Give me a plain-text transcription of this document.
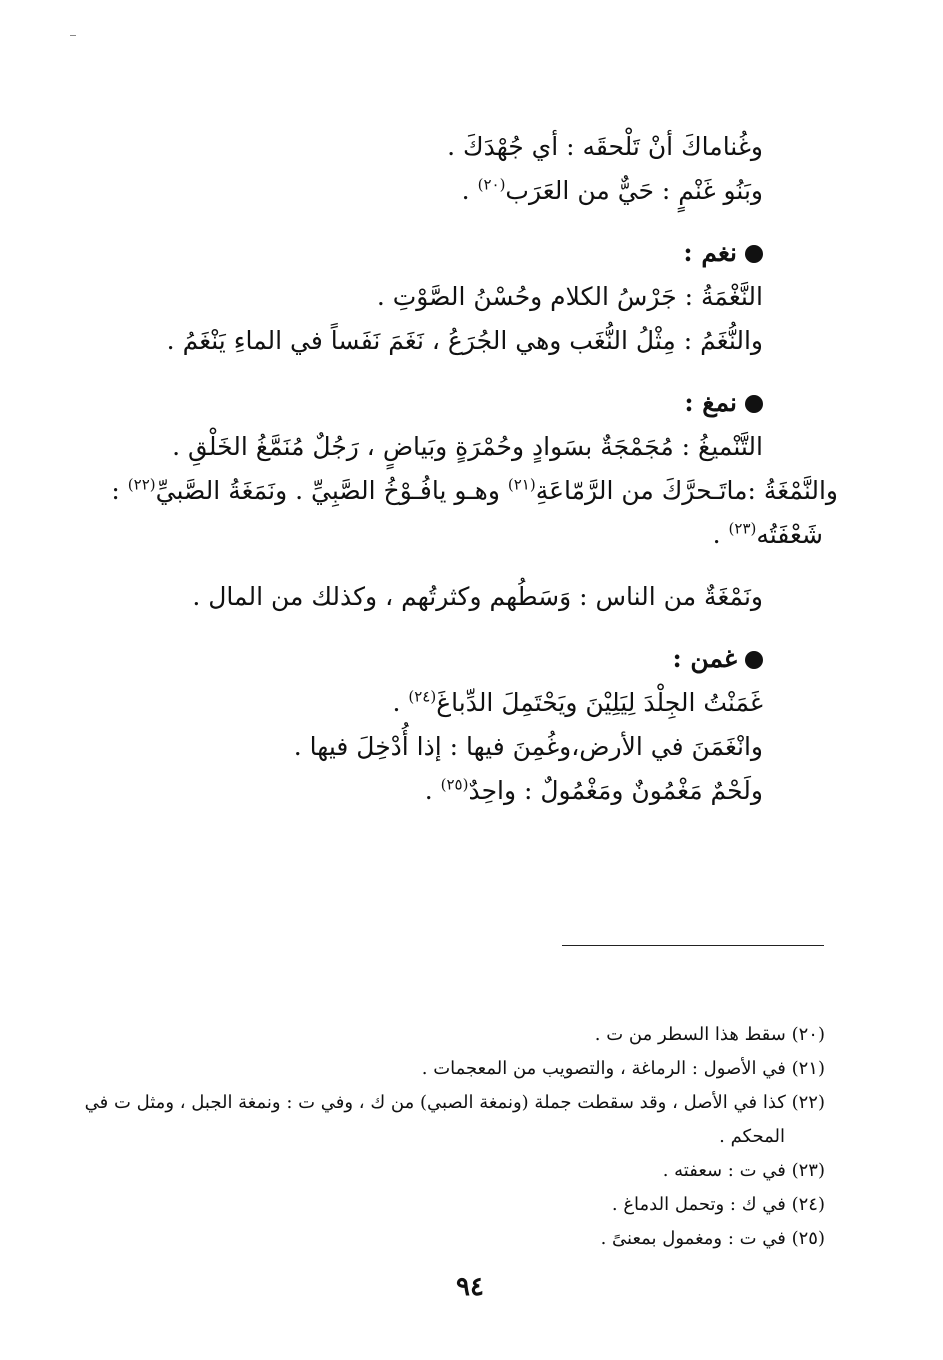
وغُناماكَ أنْ تَلْحقَه : أي جُهْدَكَ .
وبَنُو غَنْمٍ : حَيٌّ من العَرَب$^{(٢٠)}$ .
نغم :
النَّغْمَةُ : جَرْسُ الكلام وحُسْنُ الصَّوْتِ .
والنُّغَمُ : مِثْلُ النُّغَب وهي الجُرَعُ ، نَغَمَ نَفَساً في الماءِ يَنْغَمُ .
نمغ :
التَّنْميغُ : مُجَمْجَةٌ بسَوادٍ وحُمْرَةٍ وبَياضٍ ، رَجُلٌ مُنَمَّغُ الخَلْقِ .
والنَّمْغَةُ :ماتَـحرَّكَ من الرَّمّاعَةِ$^{(٢١)}$ وهـو يافُـوْخُ الصَّبِيِّ . ونَمَغَةُ الصَّبيِّ$^{(٢٢)}$ :
شَعْفَتُه$^{(٢٣)}$ .
ونَمْغَةٌ من الناس : وَسَطُهم وكثرتُهم ، وكذلك من المال .
غمن :
غَمَنْتُ الجِلْدَ لِيَلِيْنَ ويَحْتَمِلَ الدِّباغَ$^{(٢٤)}$ .
وانْغَمَنَ في الأرض،وغُمِنَ فيها : إذا أُدْخِلَ فيها .
ولَحْمٌ مَغْمُونٌ ومَغْمُولٌ : واحِدٌ$^{(٢٥)}$ .
(٢٠) سقط هذا السطر من ت .
(٢١) في الأصول : الرماغة ، والتصويب من المعجمات .
(٢٢) كذا في الأصل ، وقد سقطت جملة (ونمغة الصبي) من ك ، وفي ت : ونمغة الجبل ، ومثل ت في
المحكم .
(٢٣) في ت : سعفته .
(٢٤) في ك : وتحمل الدماغ .
(٢٥) في ت : ومغمول بمعنىً .
٩٤
